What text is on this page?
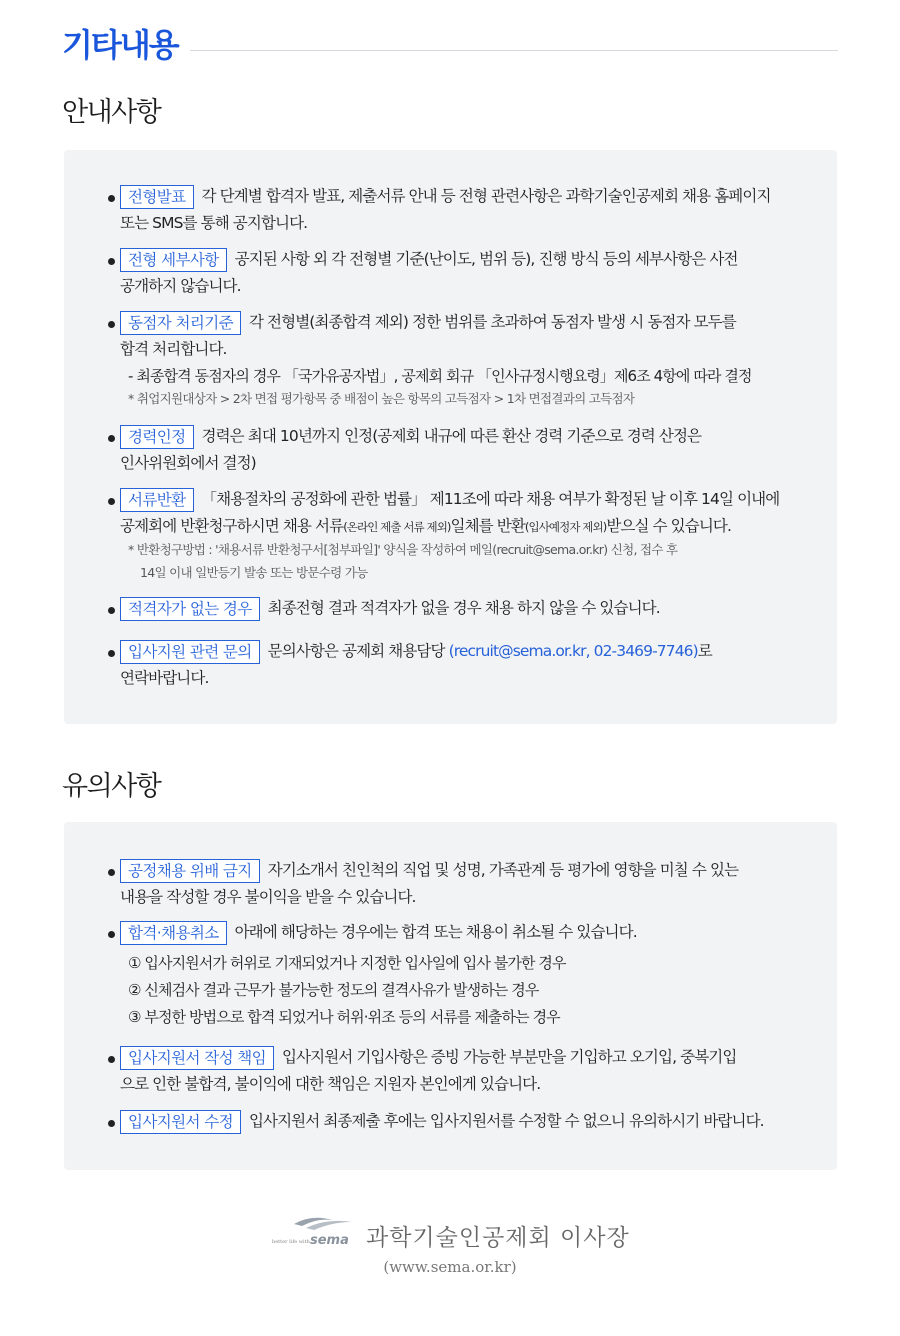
기타내용
안내사항
전형발표 각 단계별 합격자 발표, 제출서류 안내 등 전형 관련사항은 과학기술인공제회 채용 홈페이지
또는 SMS를 통해 공지합니다.
전형 세부사항 공지된 사항 외 각 전형별 기준(난이도, 범위 등), 진행 방식 등의 세부사항은 사전
공개하지 않습니다.
동점자 처리기준 각 전형별(최종합격 제외) 정한 범위를 초과하여 동점자 발생 시 동점자 모두를
합격 처리합니다.
- 최종합격 동점자의 경우 「국가유공자법」, 공제회 회규 「인사규정시행요령」제6조 4항에 따라 결정
* 취업지원대상자 > 2차 면접 평가항목 중 배점이 높은 항목의 고득점자 > 1차 면접결과의 고득점자
경력인정 경력은 최대 10년까지 인정(공제회 내규에 따른 환산 경력 기준으로 경력 산정은
인사위원회에서 결정)
서류반환 「채용절차의 공정화에 관한 법률」 제11조에 따라 채용 여부가 확정된 날 이후 14일 이내에
공제회에 반환청구하시면 채용 서류(온라인 제출 서류 제외)일체를 반환(입사예정자 제외)받으실 수 있습니다.
* 반환청구방법 : '채용서류 반환청구서[첨부파일]' 양식을 작성하여 메일(recruit@sema.or.kr) 신청, 접수 후
14일 이내 일반등기 발송 또는 방문수령 가능
적격자가 없는 경우 최종전형 결과 적격자가 없을 경우 채용 하지 않을 수 있습니다.
입사지원 관련 문의 문의사항은 공제회 채용담당 (recruit@sema.or.kr, 02-3469-7746)로
연락바랍니다.
유의사항
공정채용 위배 금지 자기소개서 친인척의 직업 및 성명, 가족관계 등 평가에 영향을 미칠 수 있는
내용을 작성할 경우 불이익을 받을 수 있습니다.
합격·채용취소 아래에 해당하는 경우에는 합격 또는 채용이 취소될 수 있습니다.
① 입사지원서가 허위로 기재되었거나 지정한 입사일에 입사 불가한 경우
② 신체검사 결과 근무가 불가능한 정도의 결격사유가 발생하는 경우
③ 부정한 방법으로 합격 되었거나 허위·위조 등의 서류를 제출하는 경우
입사지원서 작성 책임 입사지원서 기입사항은 증빙 가능한 부분만을 기입하고 오기입, 중복기입
으로 인한 불합격, 불이익에 대한 책임은 지원자 본인에게 있습니다.
입사지원서 수정 입사지원서 최종제출 후에는 입사지원서를 수정할 수 없으니 유의하시기 바랍니다.
better life with sema 과학기술인공제회 이사장
(www.sema.or.kr)
